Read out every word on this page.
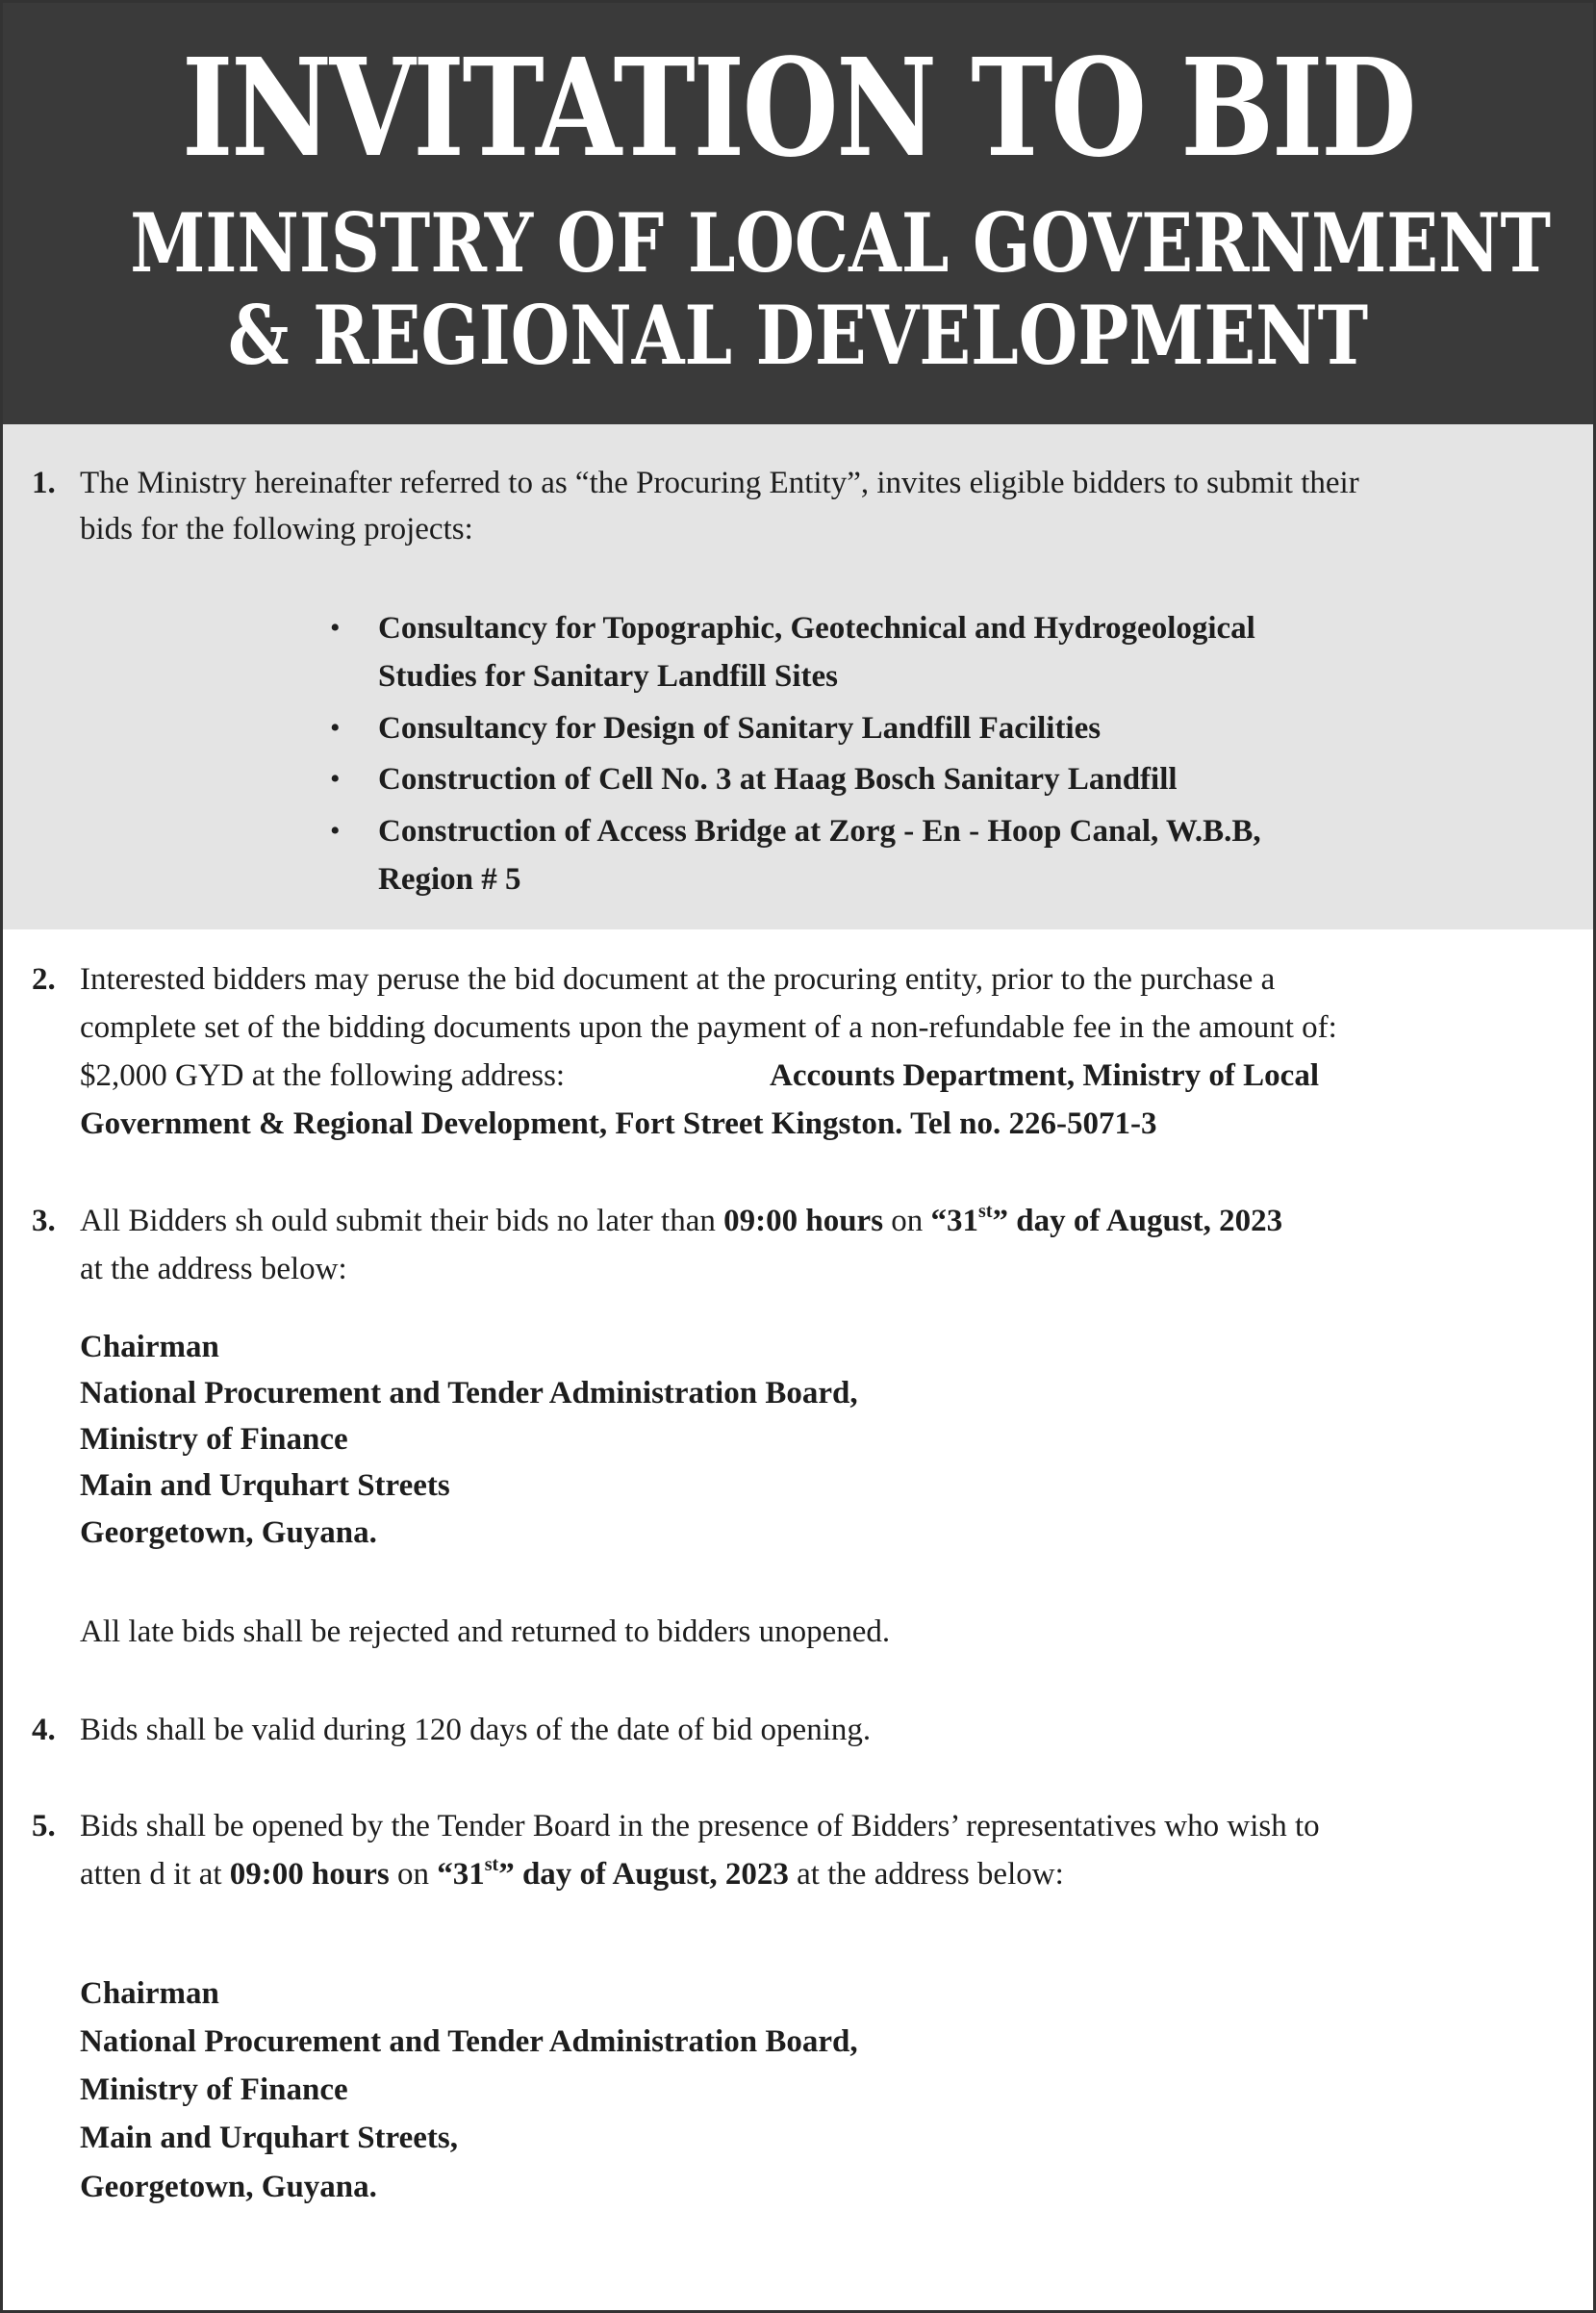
INVITATION TO BID
MINISTRY OF LOCAL GOVERNMENT
& REGIONAL DEVELOPMENT
1. The Ministry hereinafter referred to as “the Procuring Entity”, invites eligible bidders to submit their

bids for the following projects:

• Consultancy for Topographic, Geotechnical and Hydrogeological

Studies for Sanitary Landfill Sites

• Consultancy for Design of Sanitary Landfill Facilities

• Construction of Cell No. 3 at Haag Bosch Sanitary Landfill

• Construction of Access Bridge at Zorg - En - Hoop Canal, W.B.B,

Region # 5

2. Interested bidders may peruse the bid document at the procuring entity, prior to the purchase a

complete set of the bidding documents upon the payment of a non-refundable fee in the amount of:

$2,000 GYD at the following address:	Accounts Department, Ministry of Local

Government & Regional Development, Fort Street Kingston. Tel no. 226-5071-3

3. All Bidders sh ould submit their bids no later than 09:00 hours on “31st” day of August, 2023

at the address below:

Chairman

National Procurement and Tender Administration Board,

Ministry of Finance

Main and Urquhart Streets

Georgetown, Guyana.

All late bids shall be rejected and returned to bidders unopened.

4. Bids shall be valid during 120 days of the date of bid opening.

5. Bids shall be opened by the Tender Board in the presence of Bidders’ representatives who wish to

atten d it at 09:00 hours on “31st” day of August, 2023 at the address below:

Chairman

National Procurement and Tender Administration Board,

Ministry of Finance

Main and Urquhart Streets,

Georgetown, Guyana.
